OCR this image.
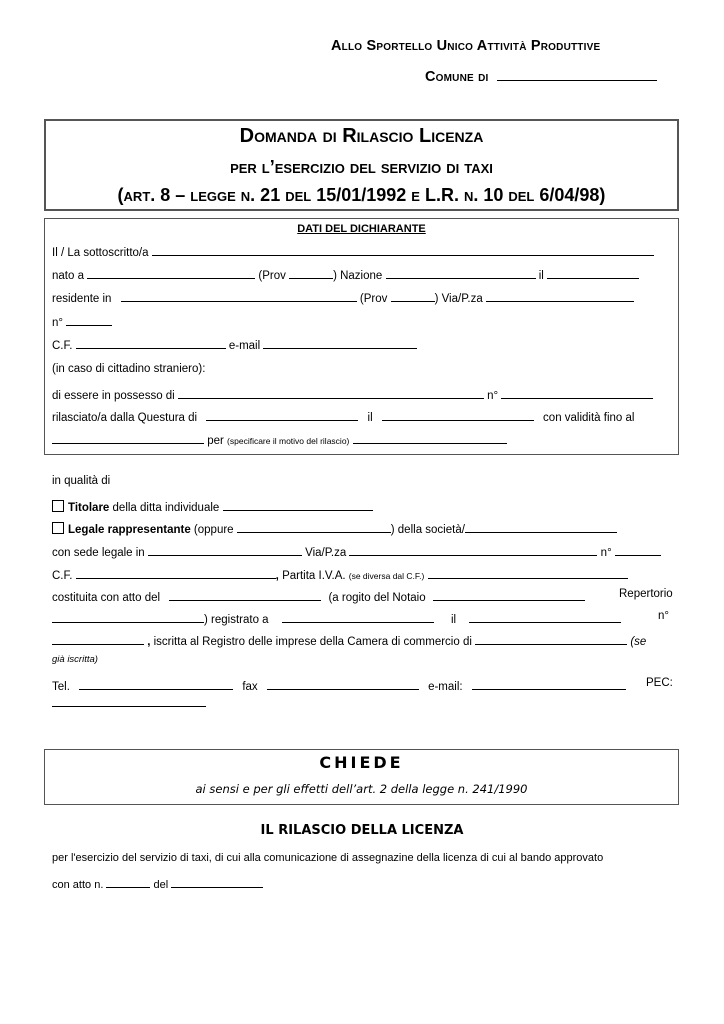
Allo Sportello Unico Attività Produttive
Comune di
Domanda di Rilascio Licenza
per l’esercizio del servizio di taxi
(art. 8 – legge n. 21 del 15/01/1992 e L.R. n. 10 del 6/04/98)
DATI DEL DICHIARANTE
Il / La sottoscritto/a
nato a	(Prov	) Nazione	il
residente in	(Prov	) Via/P.za
n°
C.F.	e-mail
(in caso di cittadino straniero):
di essere in possesso di	n°
rilasciato/a dalla Questura di	il	con validità fino al
per (specificare il motivo del rilascio)
in qualità di
Titolare della ditta individuale
Legale rappresentante (oppure	) della società/
con sede legale in	Via/P.za	n°
C.F.	, Partita I.V.A. (se diversa dal C.F.)
costituita con atto del	(a rogito del Notaio	Repertorio
) registrato a	il	n°
, iscritta al Registro delle imprese della Camera di commercio di	(se
già iscritta)
Tel.	fax	e-mail:	PEC:
CHIEDE
ai sensi e per gli effetti dell’art. 2 della legge n. 241/1990
IL RILASCIO DELLA LICENZA
per l'esercizio del servizio di taxi, di cui alla comunicazione di assegnazine della licenza di cui al bando approvato
con atto n.	del
